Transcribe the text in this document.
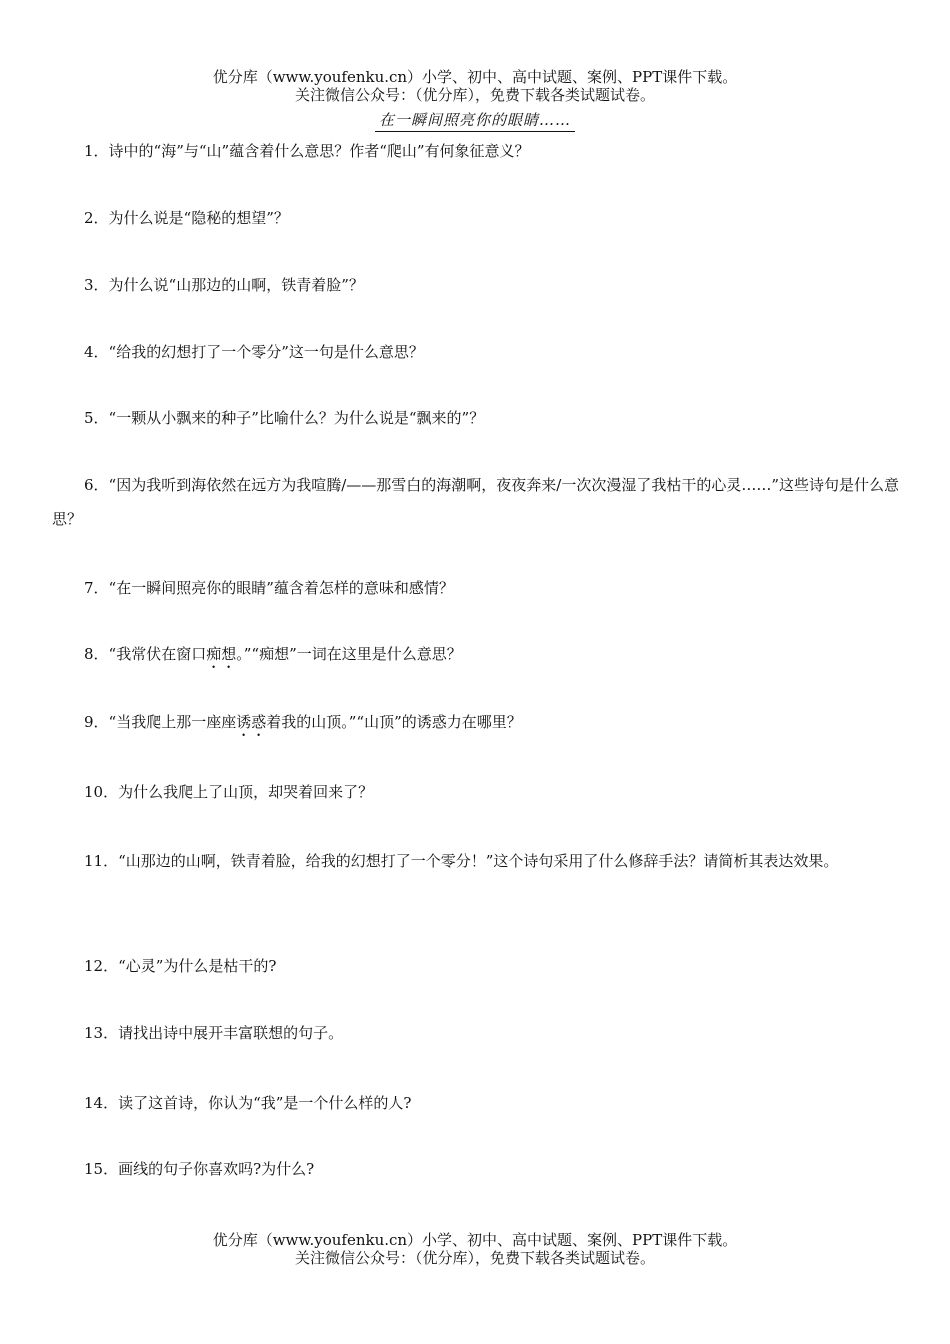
优分库（www.youfenku.cn）小学、初中、高中试题、案例、PPT课件下载。
关注微信公众号：（优分库），免费下载各类试题试卷。
在一瞬间照亮你的眼睛……
1．诗中的“海”与“山”蕴含着什么意思？作者“爬山”有何象征意义？
2．为什么说是“隐秘的想望”？
3．为什么说“山那边的山啊，铁青着脸”？
4．“给我的幻想打了一个零分”这一句是什么意思？
5．“一颗从小飘来的种子”比喻什么？为什么说是“飘来的”？
6．“因为我听到海依然在远方为我喧腾/——那雪白的海潮啊，夜夜奔来/一次次漫湿了我枯干的心灵……”这些诗句是什么意思？
7．“在一瞬间照亮你的眼睛”蕴含着怎样的意味和感情？
8．“我常伏在窗口痴想。”“痴想”一词在这里是什么意思？
9．“当我爬上那一座座诱惑着我的山顶。”“山顶”的诱惑力在哪里？
10．为什么我爬上了山顶，却哭着回来了？
11．“山那边的山啊，铁青着脸，给我的幻想打了一个零分！”这个诗句采用了什么修辞手法？请简析其表达效果。
12．“心灵”为什么是枯干的?
13．请找出诗中展开丰富联想的句子。
14．读了这首诗，你认为“我”是一个什么样的人?
15．画线的句子你喜欢吗?为什么?
优分库（www.youfenku.cn）小学、初中、高中试题、案例、PPT课件下载。
关注微信公众号：（优分库），免费下载各类试题试卷。
